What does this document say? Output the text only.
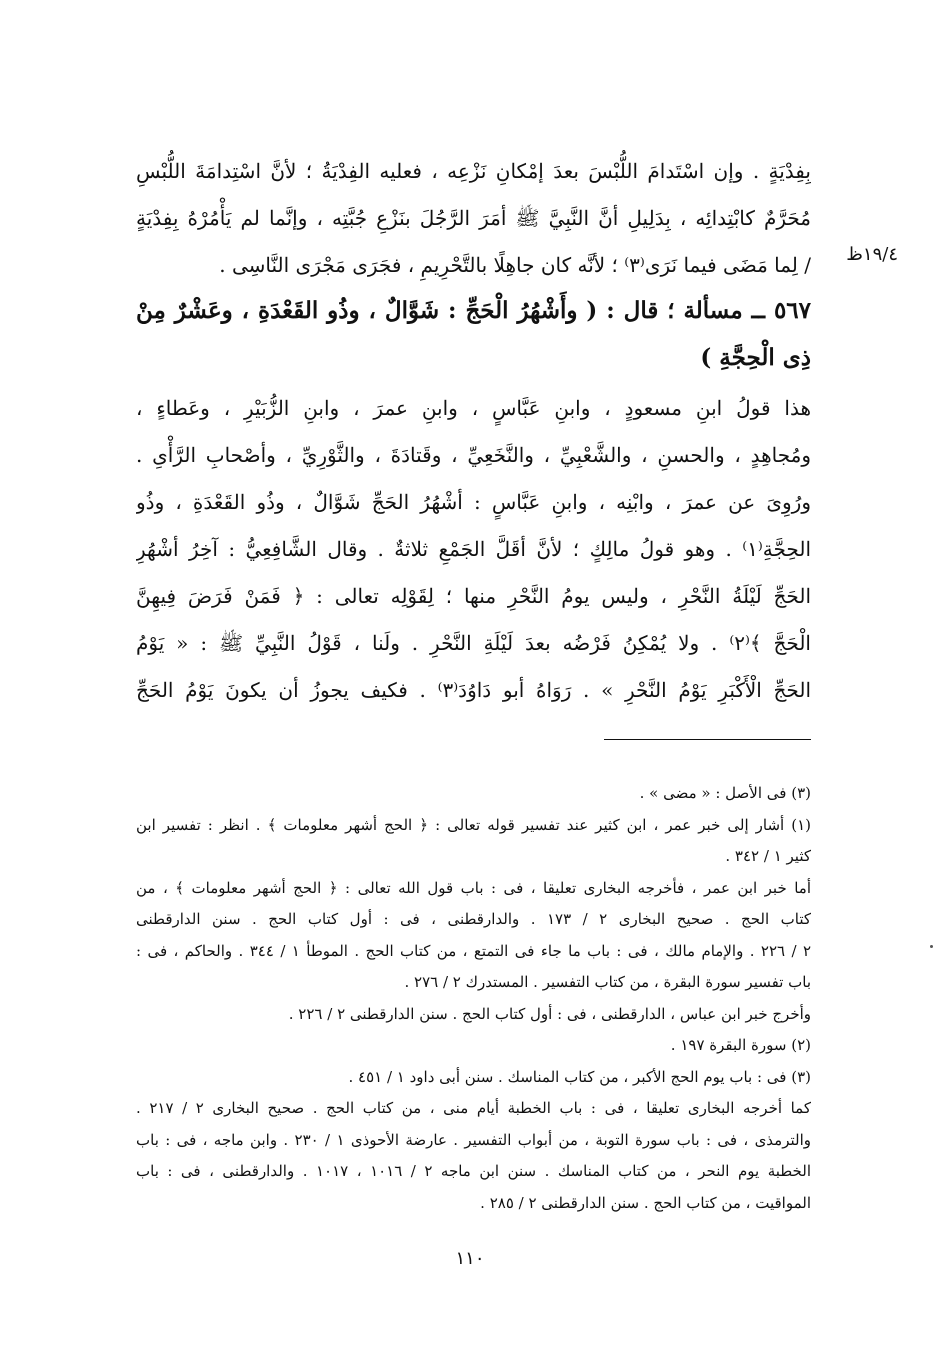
١٩/٤ظ
بِفِدْيَةٍ . وإن اسْتَدامَ اللُّبْسَ بعدَ إمْكانِ نَزْعِه ، فعليه الفِدْيَةُ ؛ لأنَّ اسْتِدامَةَ اللُّبْسِ
مُحَرَّمٌ كابْتِدائِه ، بِدَلِيلِ أنَّ النَّبِيَّ ﷺ أمَرَ الرَّجُلَ بنَزْعِ جُبَّتِه ، وإنَّما لم يَأْمُرْهُ بِفِدْيَةٍ
/ لِما مَضَى فيما نَرَى⁽٣⁾ ؛ لأنَّه كان جاهِلًا بالتَّحْرِيمِ ، فجَرَى مَجْرَى النَّاسِى .
٥٦٧ ــ مسألة ؛ قال : ( وأَشْهُرُ الْحَجِّ : شَوَّالٌ ، وذُو القَعْدَةِ ، وعَشْرٌ مِنْ
ذِى الْحِجَّةِ )
هذا قولُ ابنِ مسعودٍ ، وابنِ عَبَّاسٍ ، وابنِ عمرَ ، وابنِ الزُّبَيْرِ ، وعَطاءٍ ،
ومُجاهِدٍ ، والحسنِ ، والشَّعْبِيِّ ، والنَّخَعِيِّ ، وقَتادَةَ ، والثَّوْرِيِّ ، وأصْحابِ الرَّأْىِ .
ورُوِىَ عن عمرَ ، وابْنِه ، وابنِ عَبَّاسٍ : أشْهُرُ الحَجِّ شَوَّالٌ ، وذُو القَعْدَةِ ، وذُو
الحِجَّةِ⁽١⁾ . وهو قولُ مالِكٍ ؛ لأنَّ أقَلَّ الجَمْعِ ثلاثةٌ . وقال الشَّافِعِيُّ : آخِرُ أشْهُرِ
الحَجِّ لَيْلَةُ النَّحْرِ ، وليس يومُ النَّحْرِ منها ؛ لِقَوْلِه تعالى : ﴿ فَمَنْ فَرَضَ فِيهِنَّ
الْحَجَّ ﴾⁽٢⁾ . ولا يُمْكِنُ فَرْضُه بعدَ لَيْلَةِ النَّحْرِ . ولَنا ، قَوْلُ النَّبِيِّ ﷺ : « يَوْمُ
الحَجِّ الْأَكْبَرِ يَوْمُ النَّحْرِ » . رَوَاهُ أبو دَاوُدَ⁽٣⁾ . فكيف يجوزُ أن يكونَ يَوْمُ الحَجِّ
(٣) فى الأصل : « مضى » .
(١) أشار إلى خبر عمر ، ابن كثير عند تفسير قوله تعالى : ﴿ الحج أشهر معلومات ﴾ . انظر : تفسير ابن
كثير ١ / ٣٤٢ .
أما خبر ابن عمر ، فأخرجه البخارى تعليقا ، فى : باب قول الله تعالى : ﴿ الحج أشهر معلومات ﴾ ، من
كتاب الحج . صحيح البخارى ٢ / ١٧٣ . والدارقطنى ، فى : أول كتاب الحج . سنن الدارقطنى
٢ / ٢٢٦ . والإمام مالك ، فى : باب ما جاء فى التمتع ، من كتاب الحج . الموطأ ١ / ٣٤٤ . والحاكم ، فى :
باب تفسير سورة البقرة ، من كتاب التفسير . المستدرك ٢ / ٢٧٦ .
وأخرج خبر ابن عباس ، الدارقطنى ، فى : أول كتاب الحج . سنن الدارقطنى ٢ / ٢٢٦ .
(٢) سورة البقرة ١٩٧ .
(٣) فى : باب يوم الحج الأكبر ، من كتاب المناسك . سنن أبى داود ١ / ٤٥١ .
كما أخرجه البخارى تعليقا ، فى : باب الخطبة أيام منى ، من كتاب الحج . صحيح البخارى ٢ / ٢١٧ .
والترمذى ، فى : باب سورة التوبة ، من أبواب التفسير . عارضة الأحوذى ١ / ٢٣٠ . وابن ماجه ، فى : باب
الخطبة يوم النحر ، من كتاب المناسك . سنن ابن ماجه ٢ / ١٠١٦ ، ١٠١٧ . والدارقطنى ، فى : باب
المواقيت ، من كتاب الحج . سنن الدارقطنى ٢ / ٢٨٥ .
١١٠
